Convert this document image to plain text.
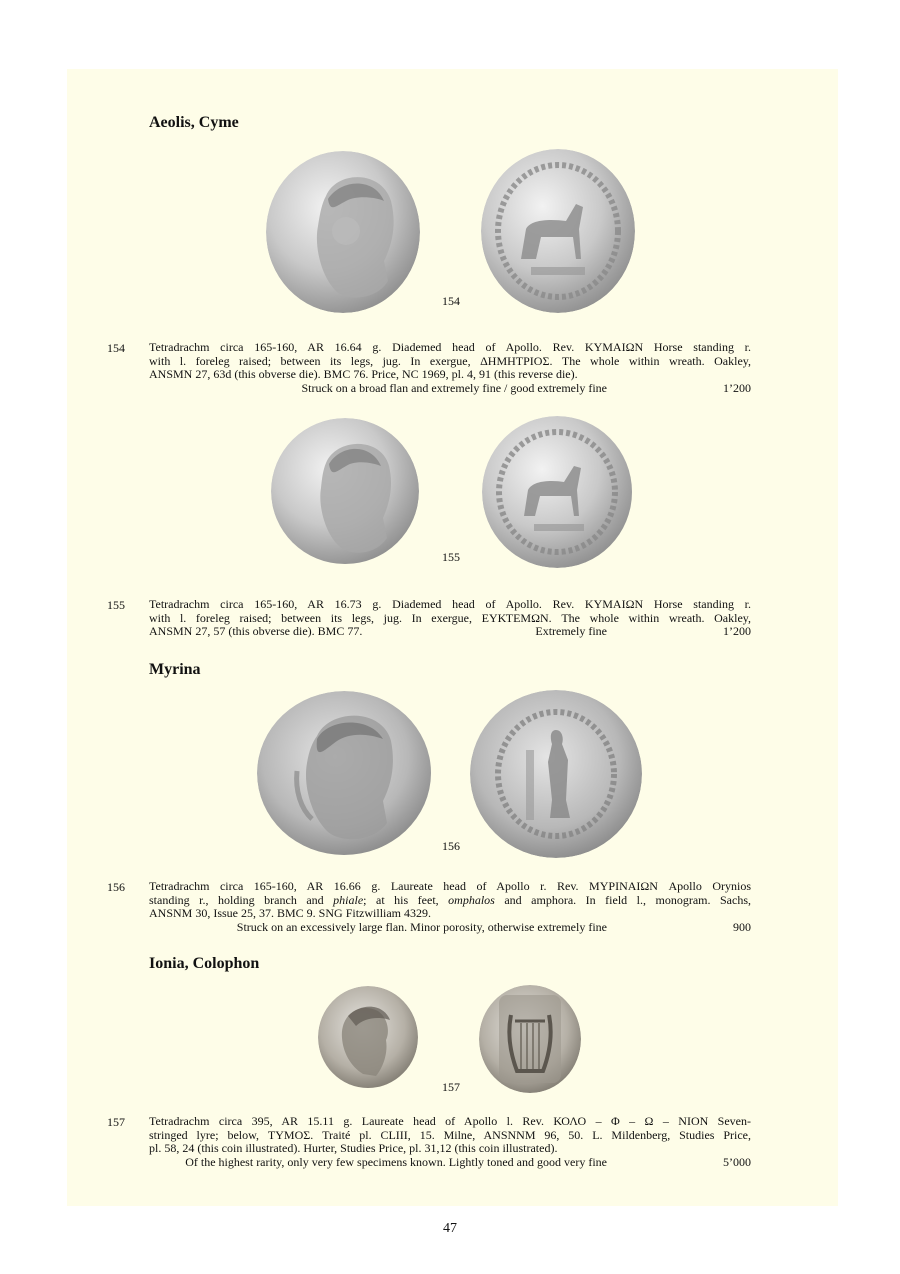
Aeolis, Cyme
154
154 Tetradrachm circa 165-160, AR 16.64 g. Diademed head of Apollo. Rev. ΚΥΜΑΙΩΝ Horse standing r.
with l. foreleg raised; between its legs, jug. In exergue, ΔΗΜΗΤΡΙΟΣ. The whole within wreath. Oakley,
ANSMN 27, 63d (this obverse die). BMC 76. Price, NC 1969, pl. 4, 91 (this reverse die).
Struck on a broad flan and extremely fine / good extremely fine	1’200
155
155 Tetradrachm circa 165-160, AR 16.73 g. Diademed head of Apollo. Rev. ΚΥΜΑΙΩΝ Horse standing r.
with l. foreleg raised; between its legs, jug. In exergue, ΕΥΚΤΕΜΩΝ. The whole within wreath. Oakley,
ANSMN 27, 57 (this obverse die). BMC 77.	Extremely fine	1’200
Myrina
156
156 Tetradrachm circa 165-160, AR 16.66 g. Laureate head of Apollo r. Rev. ΜΥΡΙΝΑΙΩΝ Apollo Orynios
standing r., holding branch and phiale; at his feet, omphalos and amphora. In field l., monogram. Sachs,
ANSNM 30, Issue 25, 37. BMC 9. SNG Fitzwilliam 4329.
Struck on an excessively large flan. Minor porosity, otherwise extremely fine	900
Ionia, Colophon
157
157 Tetradrachm circa 395, AR 15.11 g. Laureate head of Apollo l. Rev. ΚΟΛΟ – Φ – Ω – ΝΙΟΝ Seven-
stringed lyre; below, ΤΥΜΟΣ. Traité pl. CLIII, 15. Milne, ANSNNM 96, 50. L. Mildenberg, Studies Price,
pl. 58, 24 (this coin illustrated). Hurter, Studies Price, pl. 31,12 (this coin illustrated).
Of the highest rarity, only very few specimens known. Lightly toned and good very fine	5’000
47
